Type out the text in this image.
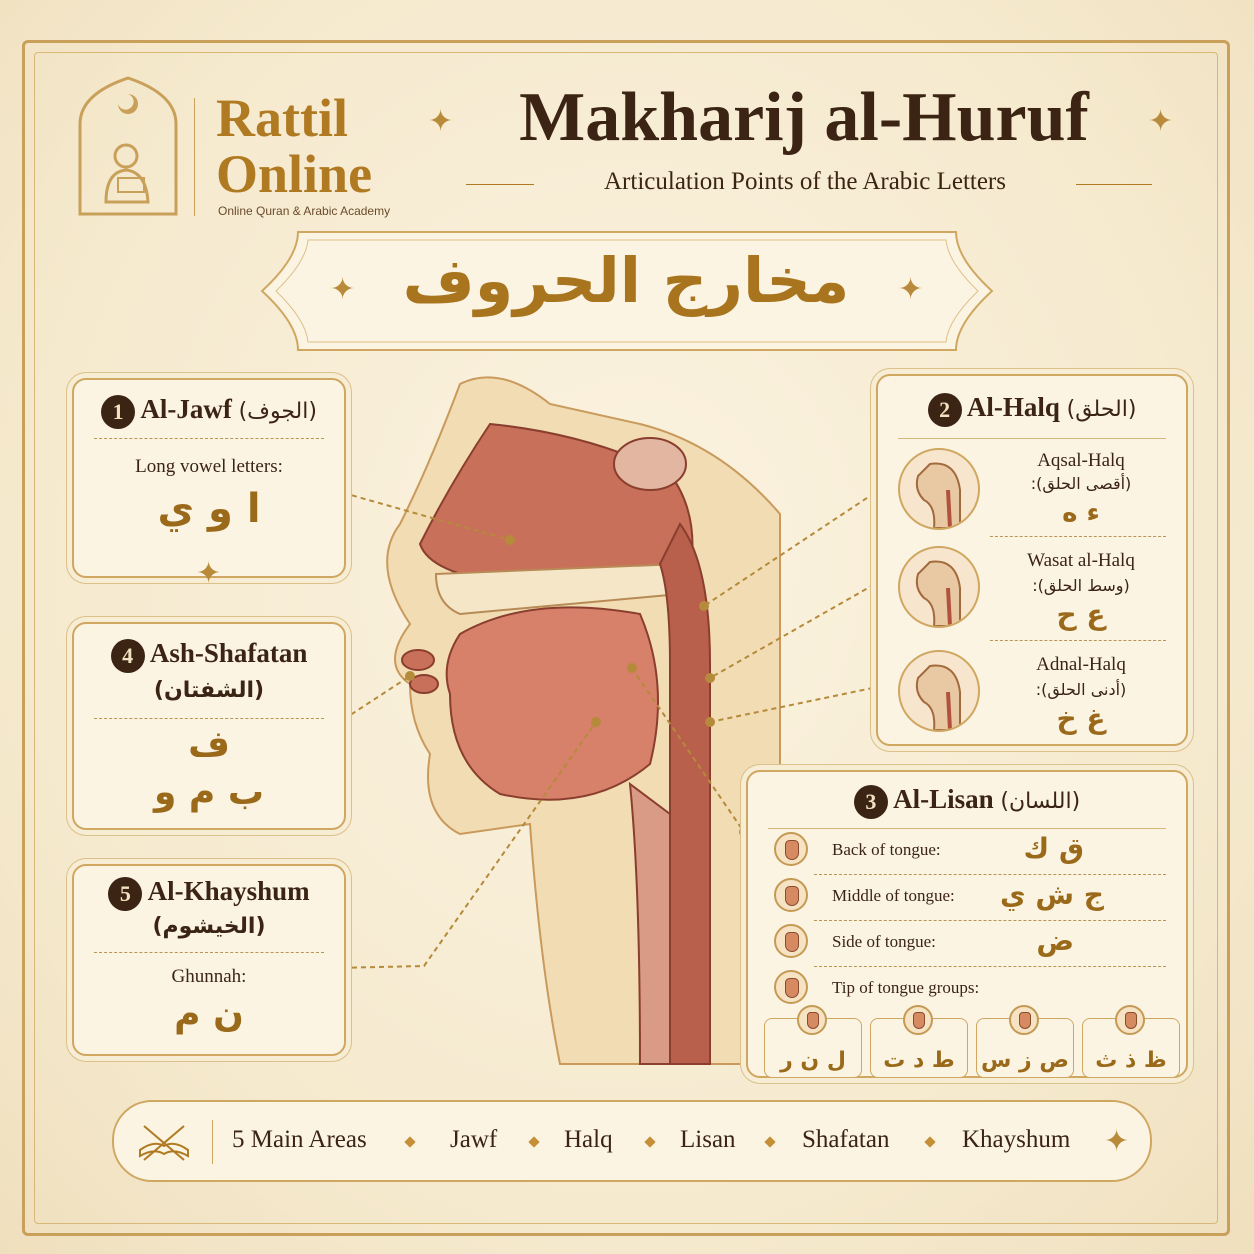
Rattil
Online
Online Quran & Arabic Academy
✦
✦
Makharij al-Huruf
Articulation Points of the Arabic Letters
✦
✦
مخارج الحروف
1 Al-Jawf (الجوف)
Long vowel letters:
ا و ي
✦
4 Ash-Shafatan
(الشفتان)
ف
ب م و
5 Al-Khayshum
(الخيشوم)
Ghunnah:
ن م
2 Al-Halq (الحلق)
Aqsal-Halq
(أقصى الحلق):
ء ه
Wasat al-Halq
(وسط الحلق):
ع ح
Adnal-Halq
(أدنى الحلق):
غ خ
3 Al-Lisan (اللسان)
Back of tongue:	ق ك
Middle of tongue:	ج ش ي
Side of tongue:	ض
Tip of tongue groups:
ل ن ر	ط د ت	ص ز س	ظ ذ ث
5 Main Areas	Jawf	Halq	Lisan	Shafatan	Khayshum
✦
